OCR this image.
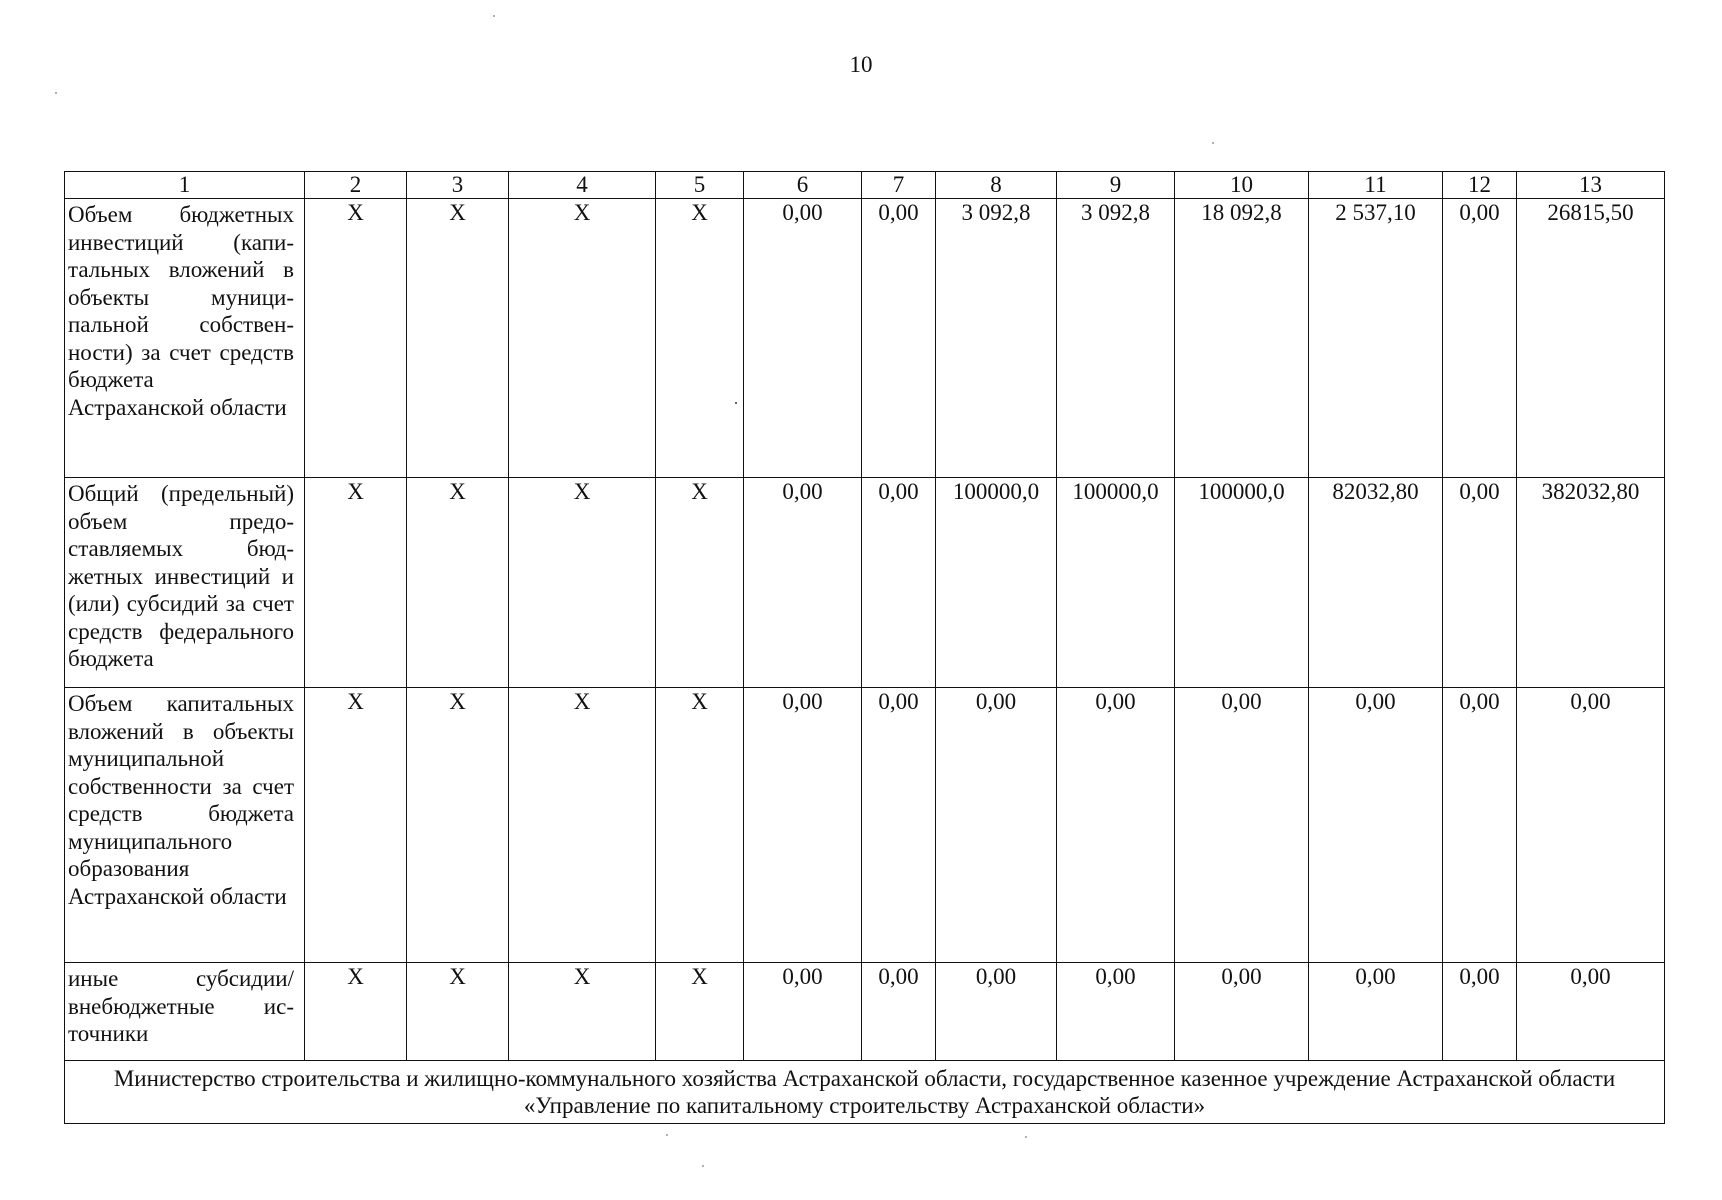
10
1	2	3	4	5	6	7	8	9	10	11	12	13
Объем бюджетных инвестиций (капитальных вложений в объекты муниципальной собственности) за счет средств бюджета Астраханской области	X	X	X	X	0,00	0,00	3 092,8	3 092,8	18 092,8	2 537,10	0,00	26815,50
Общий (предельный) объем предоставляемых бюджетных инвестиций и (или) субсидий за счет средств федерального бюджета	X	X	X	X	0,00	0,00	100000,0	100000,0	100000,0	82032,80	0,00	382032,80
Объем капитальных вложений в объекты муниципальной собственности за счет средств бюджета муниципального образования Астраханской области	X	X	X	X	0,00	0,00	0,00	0,00	0,00	0,00	0,00	0,00
иные субсидии/ внебюджетные источники	X	X	X	X	0,00	0,00	0,00	0,00	0,00	0,00	0,00	0,00
Министерство строительства и жилищно-коммунального хозяйства Астраханской области, государственное казенное учреждение Астраханской области «Управление по капитальному строительству Астраханской области»												
